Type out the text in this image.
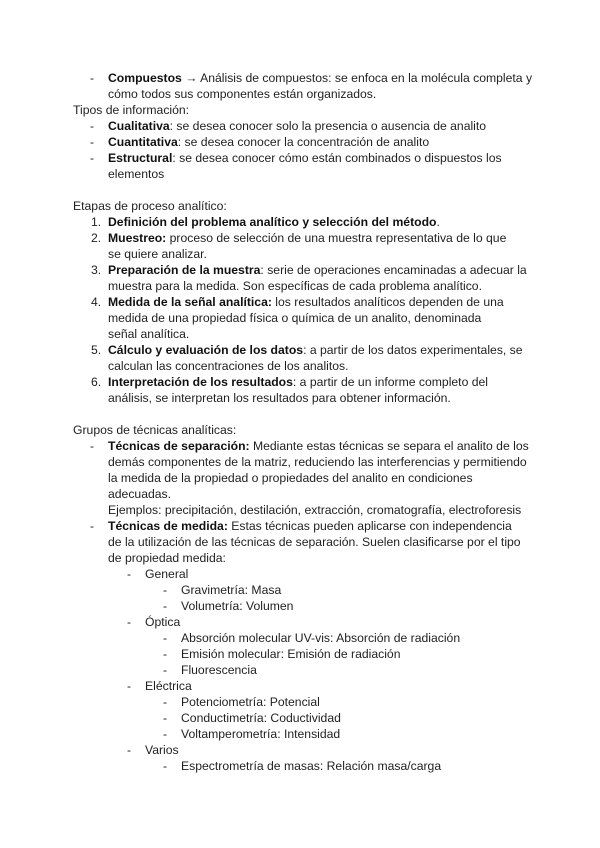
- Compuestos → Análisis de compuestos: se enfoca en la molécula completa y cómo todos sus componentes están organizados.
Tipos de información:
- Cualitativa: se desea conocer solo la presencia o ausencia de analito
- Cuantitativa: se desea conocer la concentración de analito
- Estructural: se desea conocer cómo están combinados o dispuestos los elementos
Etapas de proceso analítico:
1. Definición del problema analítico y selección del método.
2. Muestreo: proceso de selección de una muestra representativa de lo que se quiere analizar.
3. Preparación de la muestra: serie de operaciones encaminadas a adecuar la muestra para la medida. Son específicas de cada problema analítico.
4. Medida de la señal analítica: los resultados analíticos dependen de una medida de una propiedad física o química de un analito, denominada señal analítica.
5. Cálculo y evaluación de los datos: a partir de los datos experimentales, se calculan las concentraciones de los analitos.
6. Interpretación de los resultados: a partir de un informe completo del análisis, se interpretan los resultados para obtener información.
Grupos de técnicas analíticas:
- Técnicas de separación: Mediante estas técnicas se separa el analito de los demás componentes de la matriz, reduciendo las interferencias y permitiendo la medida de la propiedad o propiedades del analito en condiciones adecuadas.
Ejemplos: precipitación, destilación, extracción, cromatografía, electroforesis
- Técnicas de medida: Estas técnicas pueden aplicarse con independencia de la utilización de las técnicas de separación. Suelen clasificarse por el tipo de propiedad medida:
- General
- Gravimetría: Masa
- Volumetría: Volumen
- Óptica
- Absorción molecular UV-vis: Absorción de radiación
- Emisión molecular: Emisión de radiación
- Fluorescencia
- Eléctrica
- Potenciometría: Potencial
- Conductimetría: Coductividad
- Voltamperometría: Intensidad
- Varios
- Espectrometría de masas: Relación masa/carga
